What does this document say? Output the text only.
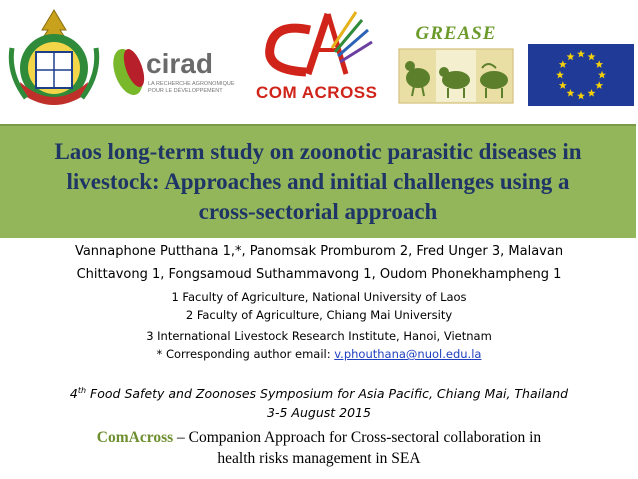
cirad
LA RECHERCHE AGRONOMIQUE
POUR LE DÉVELOPPEMENT COM ACROSS
GREASE
Laos long-term study on zoonotic parasitic diseases in
livestock: Approaches and initial challenges using a
cross-sectorial approach
Vannaphone Putthana 1,*, Panomsak Promburom 2, Fred Unger 3, Malavan
Chittavong 1, Fongsamoud Suthammavong 1, Oudom Phonekhampheng 1
1 Faculty of Agriculture, National University of Laos
2 Faculty of Agriculture, Chiang Mai University
3 International Livestock Research Institute, Hanoi, Vietnam
* Corresponding author email: v.phouthana@nuol.edu.la
4th Food Safety and Zoonoses Symposium for Asia Pacific, Chiang Mai, Thailand
3-5 August 2015
ComAcross – Companion Approach for Cross-sectoral collaboration in
health risks management in SEA
